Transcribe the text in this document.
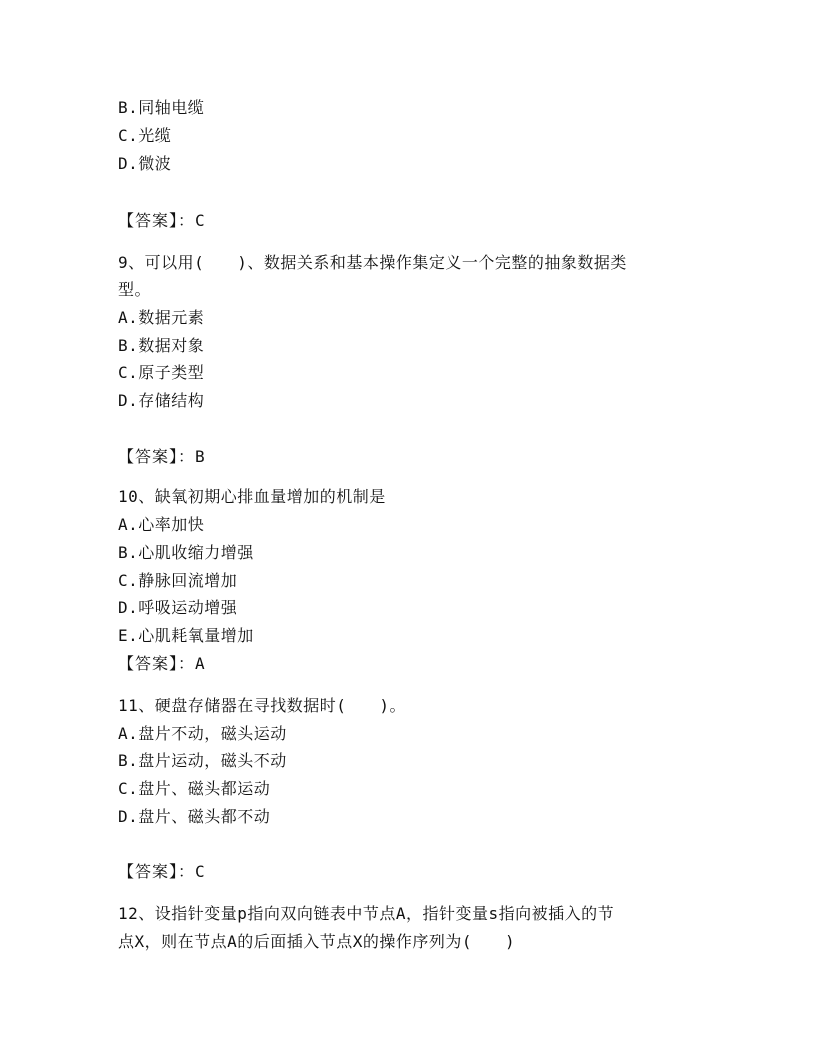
B.同轴电缆
C.光缆
D.微波
【答案】：C
9、可以用(　　)、数据关系和基本操作集定义一个完整的抽象数据类
型。
A.数据元素
B.数据对象
C.原子类型
D.存储结构
【答案】：B
10、缺氧初期心排血量增加的机制是
A.心率加快
B.心肌收缩力增强
C.静脉回流增加
D.呼吸运动增强
E.心肌耗氧量增加
【答案】：A
11、硬盘存储器在寻找数据时(　　)。
A.盘片不动，磁头运动
B.盘片运动，磁头不动
C.盘片、磁头都运动
D.盘片、磁头都不动
【答案】：C
12、设指针变量p指向双向链表中节点A，指针变量s指向被插入的节
点X，则在节点A的后面插入节点X的操作序列为(　　)
